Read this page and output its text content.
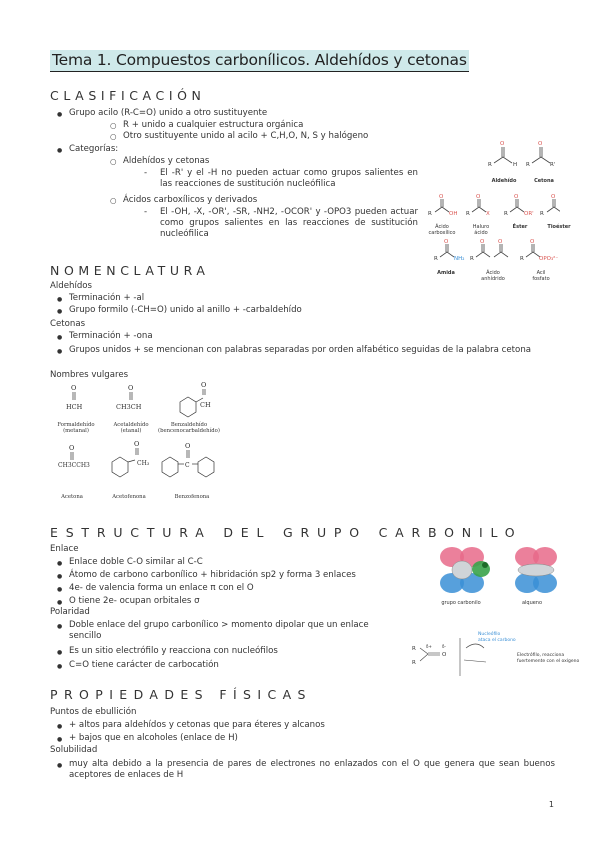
Tema 1. Compuestos carbonílicos. Aldehídos y cetonas
CLASIFICACIÓN
● Grupo acilo (R-C=O) unido a otro sustituyente
○ R + unido a cualquier estructura orgánica
○ Otro sustituyente unido al acilo + C,H,O, N, S y halógeno
● Categorías:
○ Aldehídos y cetonas
- El -R' y el -H no pueden actuar como grupos salientes en las reacciones de sustitución nucleófilica
○ Ácidos carboxílicos y derivados
- El -OH, -X, -OR', -SR, -NH2, -OCOR' y -OPO3 pueden actuar como grupos salientes en las reacciones de sustitución nucleófilica
O
R	H
O
R	R'
O
R	OH
O
R	X
O
R	OR'
O
R
O
R	NH₂
O O
R
O
R	OPO₃²⁻
Aldehído	Cetona
Ácido carboxílico
Haluro ácido
Éster	Tioéster
Amida	Ácido anhídrido
Acil fosfato
NOMENCLATURA
Aldehídos
● Terminación + -al
● Grupo formilo (-CH=O) unido al anillo + -carbaldehído
Cetonas
● Terminación + -ona
● Grupos unidos + se mencionan con palabras separadas por orden alfabético seguidas de la palabra cetona
Nombres vulgares
O	O	O
O	O	O
C
HCH	CH3CH	CH
Formaldehído
(metanal)
Acetaldehído
(etanal)
Benzaldehído
(bencenocarbaldehído)
CH3CCH3	CH₃
Acetona	Acetofenona	Benzofenona
ESTRUCTURA DEL GRUPO CARBONILO
Enlace
● Enlace doble C-O similar al C-C
● Átomo de carbono carbonílico + hibridación sp2 y forma 3 enlaces
● 4e- de valencia forma un enlace π con el O
● O tiene 2e- ocupan orbitales σ
Polaridad
● Doble enlace del grupo carbonílico > momento dipolar que un enlace sencillo
● Es un sitio electrófilo y reacciona con nucleófilos
● C=O tiene carácter de carbocatión
grupo carbonilo	alqueno
R
R
O
δ+	δ-
Nucleófilo
ataca el carbono
Electrófilo, reacciona
fuertemente con el oxígeno
PROPIEDADES FÍSICAS
Puntos de ebullición
● + altos para aldehídos y cetonas que para éteres y alcanos
● + bajos que en alcoholes (enlace de H)
Solubilidad
● muy alta debido a la presencia de pares de electrones no enlazados con el O que genera que sean buenos aceptores de enlaces de H
1
